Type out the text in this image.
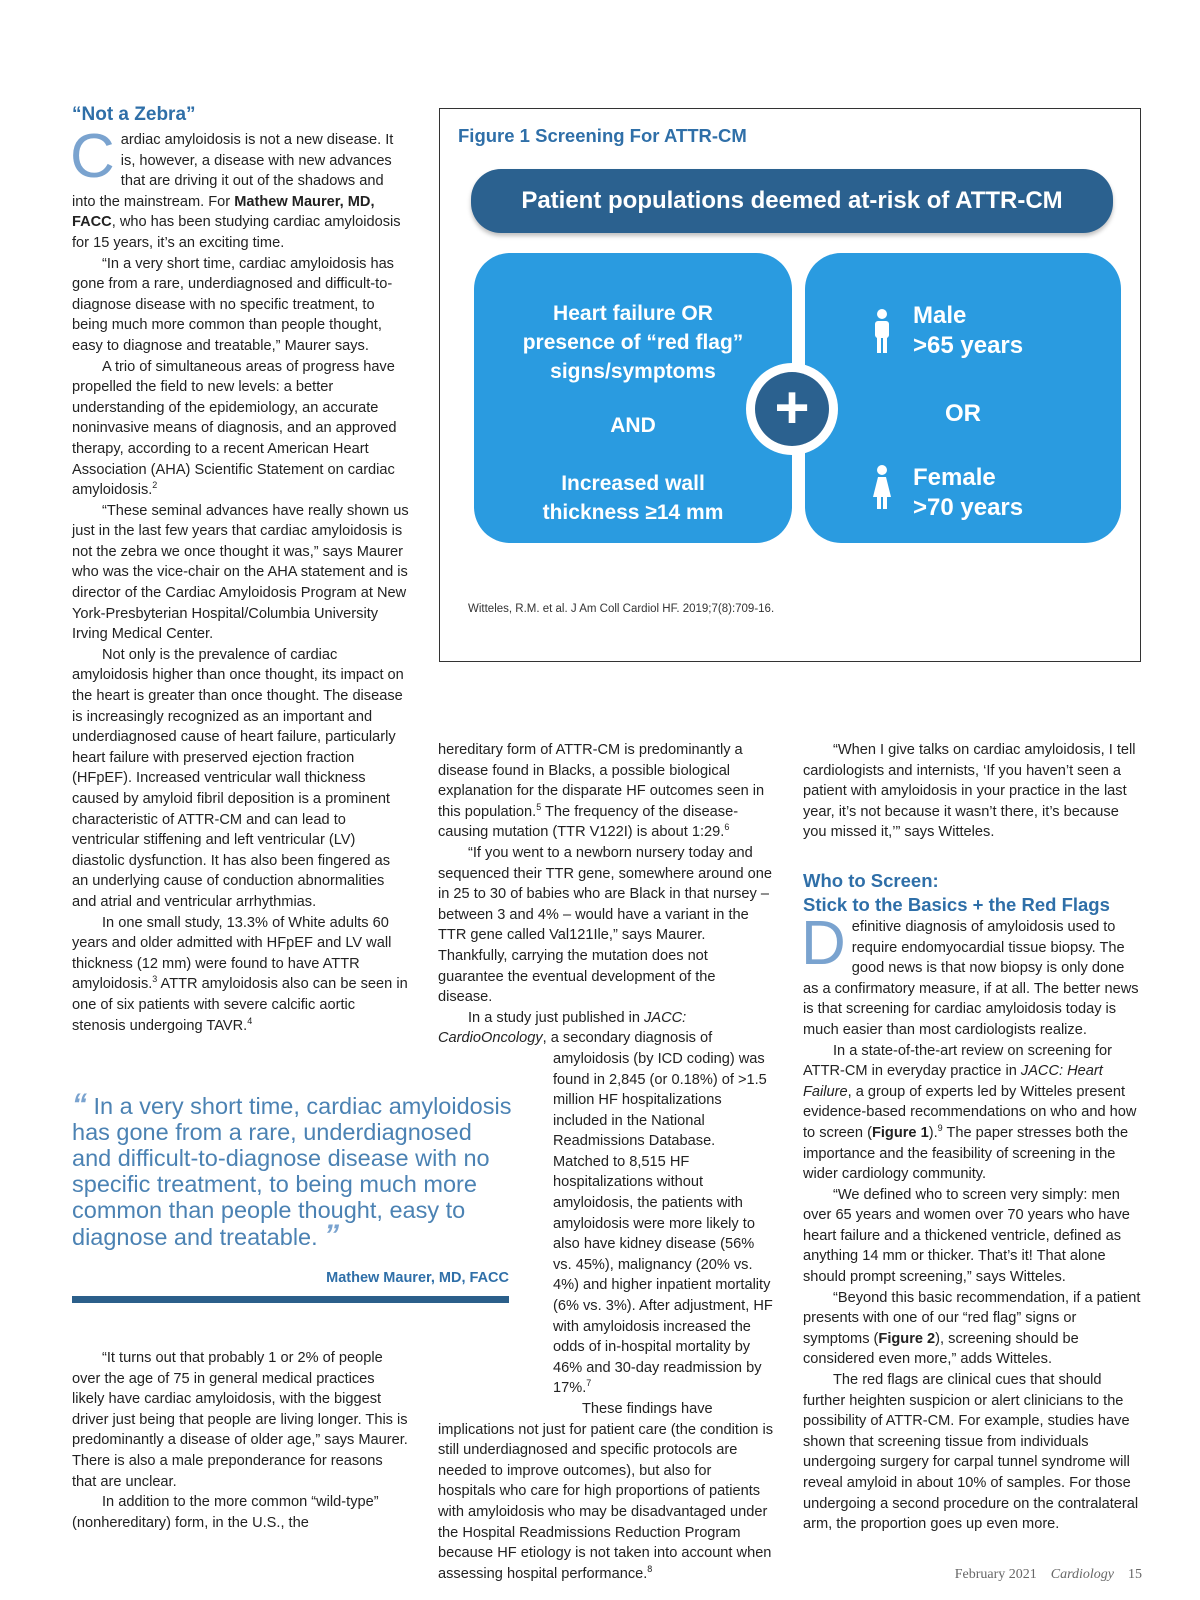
“Not a Zebra”

Cardiac amyloidosis is not a new disease. It is, however, a disease with new advances that are driving it out of the shadows and into the mainstream. For Mathew Maurer, MD, FACC, who has been studying cardiac amyloidosis for 15 years, it’s an exciting time.

“In a very short time, cardiac amyloidosis has gone from a rare, underdiagnosed and difficult-to-diagnose disease with no specific treatment, to being much more common than people thought, easy to diagnose and treatable,” Maurer says.

A trio of simultaneous areas of progress have propelled the field to new levels: a better understanding of the epidemiology, an accurate noninvasive means of diagnosis, and an approved therapy, according to a recent American Heart Association (AHA) Scientific Statement on cardiac amyloidosis.$^2$

“These seminal advances have really shown us just in the last few years that cardiac amyloidosis is not the zebra we once thought it was,” says Maurer who was the vice-chair on the AHA statement and is director of the Cardiac Amyloidosis Program at New York-Presbyterian Hospital/Columbia University Irving Medical Center.

Not only is the prevalence of cardiac amyloidosis higher than once thought, its impact on the heart is greater than once thought. The disease is increasingly recognized as an important and underdiagnosed cause of heart failure, particularly heart failure with preserved ejection fraction (HFpEF). Increased ventricular wall thickness caused by amyloid fibril deposition is a prominent characteristic of ATTR-CM and can lead to ventricular stiffening and left ventricular (LV) diastolic dysfunction. It has also been fingered as an underlying cause of conduction abnormalities and atrial and ventricular arrhythmias.

In one small study, 13.3% of White adults 60 years and older admitted with HFpEF and LV wall thickness (12 mm) were found to have ATTR amyloidosis.$^3$ ATTR amyloidosis also can be seen in one of six patients with severe calcific aortic stenosis undergoing TAVR.$^4$

Figure 1 Screening For ATTR-CM
Patient populations deemed at-risk of ATTR-CM
Heart failure OR
presence of “red flag”
signs/symptoms
AND
Increased wall
thickness ≥14 mm
Male
>65 years
OR
Female
>70 years
+
Witteles, R.M. et al. J Am Coll Cardiol HF. 2019;7(8):709-16.
“ In a very short time, cardiac amyloidosis has gone from a rare, underdiagnosed and difficult-to-diagnose disease with no specific treatment, to being much more common than people thought, easy to diagnose and treatable. ”
Mathew Maurer, MD, FACC

“It turns out that probably 1 or 2% of people over the age of 75 in general medical practices likely have cardiac amyloidosis, with the biggest driver just being that people are living longer. This is predominantly a disease of older age,” says Maurer. There is also a male preponderance for reasons that are unclear.

In addition to the more common “wild-type” (nonhereditary) form, in the U.S., the

hereditary form of ATTR-CM is predominantly a disease found in Blacks, a possible biological explanation for the disparate HF outcomes seen in this population.$^5$ The frequency of the disease-causing mutation (TTR V122I) is about 1:29.$^6$

“If you went to a newborn nursery today and sequenced their TTR gene, somewhere around one in 25 to 30 of babies who are Black in that nursey – between 3 and 4% – would have a variant in the TTR gene called Val121Ile,” says Maurer. Thankfully, carrying the mutation does not guarantee the eventual development of the disease.

In a study just published in JACC: CardioOncology, a secondary diagnosis of

amyloidosis (by ICD coding) was found in 2,845 (or 0.18%) of >1.5 million HF hospitalizations included in the National Readmissions Database. Matched to 8,515 HF hospitalizations without amyloidosis, the patients with amyloidosis were more likely to also have kidney disease (56% vs. 45%), malignancy (20% vs. 4%) and higher inpatient mortality (6% vs. 3%). After adjustment, HF with amyloidosis increased the odds of in-hospital mortality by 46% and 30-day readmission by 17%.$^7$

These findings have

implications not just for patient care (the condition is still underdiagnosed and specific protocols are needed to improve outcomes), but also for hospitals who care for high proportions of patients with amyloidosis who may be disadvantaged under the Hospital Readmissions Reduction Program because HF etiology is not taken into account when assessing hospital performance.$^8$

“When I give talks on cardiac amyloidosis, I tell cardiologists and internists, ‘If you haven’t seen a patient with amyloidosis in your practice in the last year, it’s not because it wasn’t there, it’s because you missed it,’” says Witteles.

Who to Screen:
Stick to the Basics + the Red Flags

Definitive diagnosis of amyloidosis used to require endomyocardial tissue biopsy. The good news is that now biopsy is only done as a confirmatory measure, if at all. The better news is that screening for cardiac amyloidosis today is much easier than most cardiologists realize.

In a state-of-the-art review on screening for ATTR-CM in everyday practice in JACC: Heart Failure, a group of experts led by Witteles present evidence-based recommendations on who and how to screen (Figure 1).$^9$ The paper stresses both the importance and the feasibility of screening in the wider cardiology community.

“We defined who to screen very simply: men over 65 years and women over 70 years who have heart failure and a thickened ventricle, defined as anything 14 mm or thicker. That’s it! That alone should prompt screening,” says Witteles.

“Beyond this basic recommendation, if a patient presents with one of our “red flag” signs or symptoms (Figure 2), screening should be considered even more,” adds Witteles.

The red flags are clinical cues that should further heighten suspicion or alert clinicians to the possibility of ATTR-CM. For example, studies have shown that screening tissue from individuals undergoing surgery for carpal tunnel syndrome will reveal amyloid in about 10% of samples. For those undergoing a second procedure on the contralateral arm, the proportion goes up even more.

February 2021 Cardiology 15
